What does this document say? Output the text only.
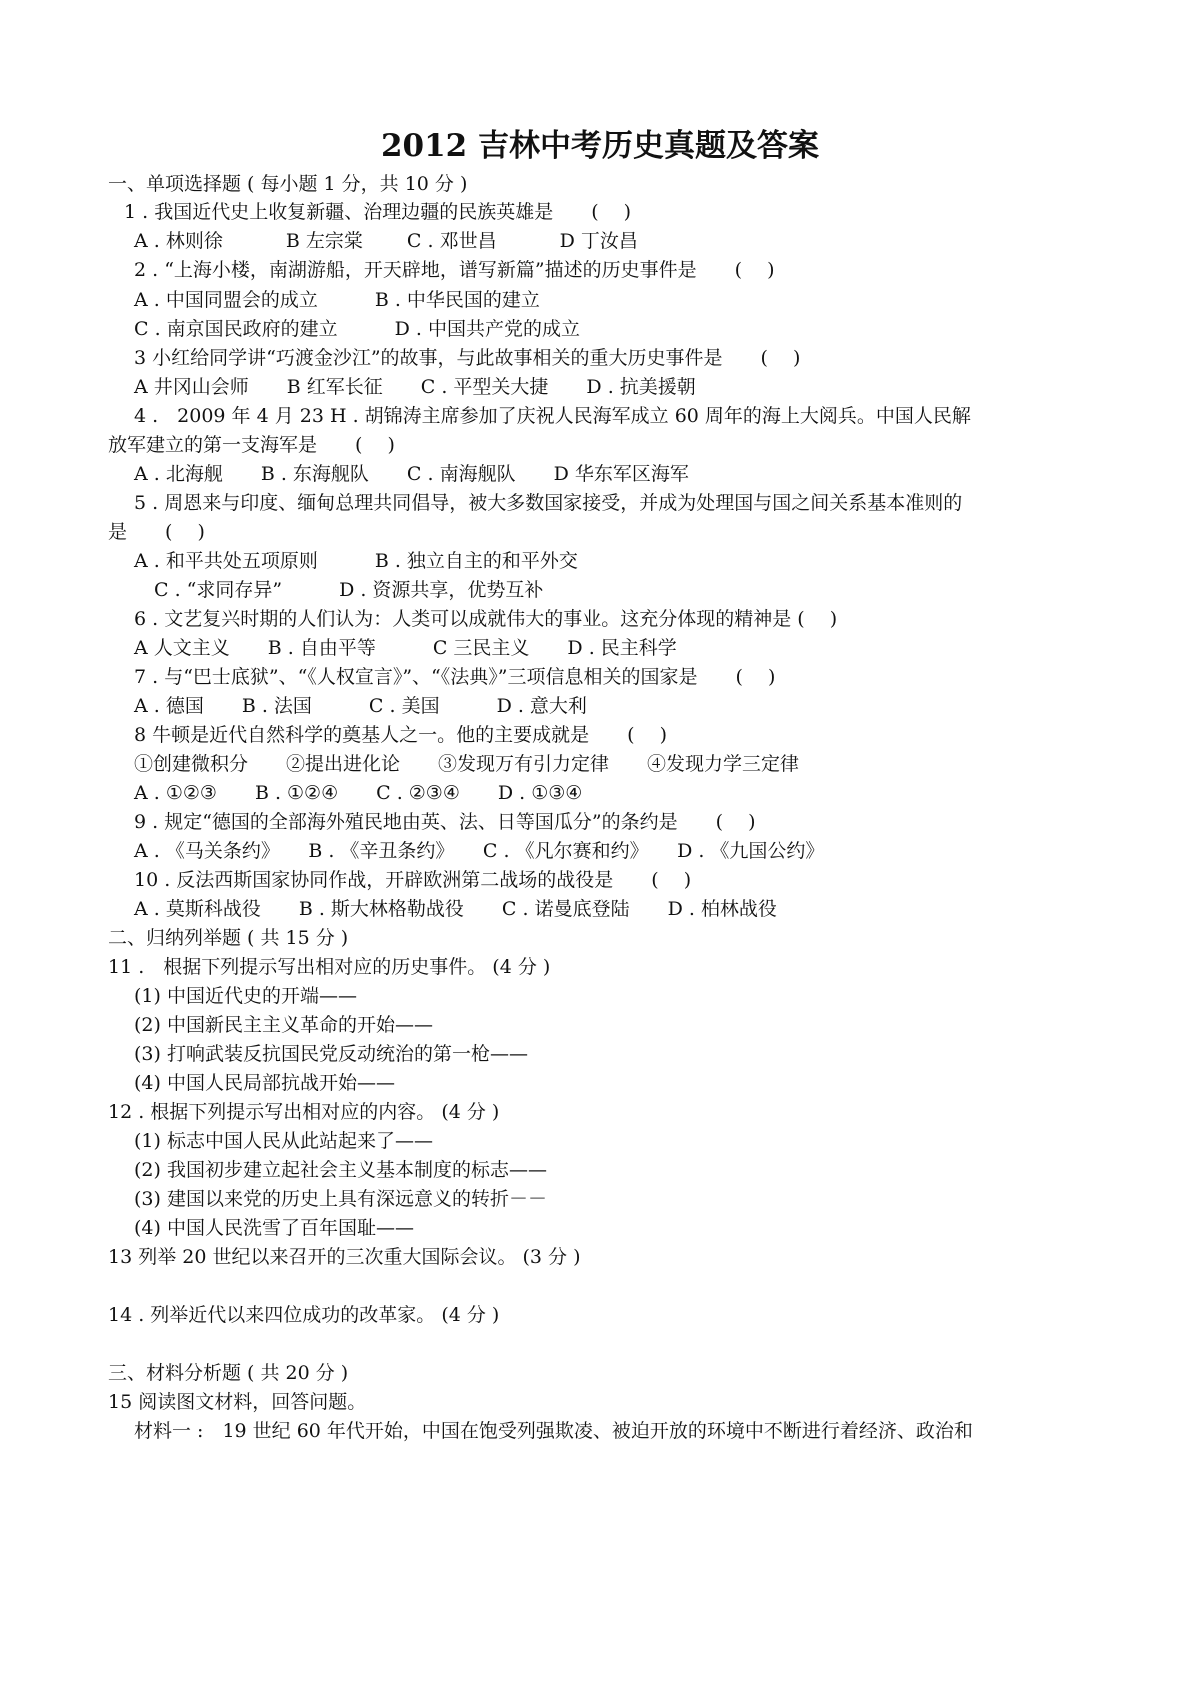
2012 吉林中考历史真题及答案
一、单项选择题 ( 每小题 1 分，共 10 分 )
1 . 我国近代史上收复新疆、治理边疆的民族英雄是　　(　 )
A . 林则徐　　　 B 左宗棠　　 C . 邓世昌　　　 D 丁汝昌
2 . “上海小楼，南湖游船，开天辟地，谱写新篇”描述的历史事件是　　(　 )
A . 中国同盟会的成立　　　B . 中华民国的建立
C . 南京国民政府的建立　　　D . 中国共产党的成立
3 小红给同学讲“巧渡金沙江”的故事，与此故事相关的重大历史事件是　　(　 )
A 井冈山会师　　B 红军长征　　C . 平型关大捷　　D . 抗美援朝
4 .　2009 年 4 月 23 H . 胡锦涛主席参加了庆祝人民海军成立 60 周年的海上大阅兵。中国人民解
放军建立的第一支海军是　　(　 )
A . 北海舰　　B . 东海舰队　　C . 南海舰队　　D 华东军区海军
5 . 周恩来与印度、缅甸总理共同倡导，被大多数国家接受，并成为处理国与国之间关系基本准则的
是　　(　 )
A . 和平共处五项原则　　　B . 独立自主的和平外交
C . “求同存异”　　　D . 资源共享，优势互补
6 . 文艺复兴时期的人们认为：人类可以成就伟大的事业。这充分体现的精神是 (　 )
A 人文主义　　B . 自由平等　　　C 三民主义　　D . 民主科学
7 . 与“巴士底狱”、“《人权宣言》”、“《法典》”三项信息相关的国家是　　(　 )
A . 德国　　B . 法国　　　C . 美国　　　D . 意大利
8 牛顿是近代自然科学的奠基人之一。他的主要成就是　　(　 )
①创建微积分　　②提出进化论　　③发现万有引力定律　　④发现力学三定律
A . ①②③　　B . ①②④　　C . ②③④　　D . ①③④
9 . 规定“德国的全部海外殖民地由英、法、日等国瓜分”的条约是　　(　 )
A . 《马关条约》　　B . 《辛丑条约》　　C . 《凡尔赛和约》　　D . 《九国公约》
10 . 反法西斯国家协同作战，开辟欧洲第二战场的战役是　　(　 )
A . 莫斯科战役　　B . 斯大林格勒战役　　C . 诺曼底登陆　　D . 柏林战役
二、归纳列举题 ( 共 15 分 )
11 .　根据下列提示写出相对应的历史事件。 (4 分 )
(1) 中国近代史的开端——
(2) 中国新民主主义革命的开始——
(3) 打响武装反抗国民党反动统治的第一枪——
(4) 中国人民局部抗战开始——
12 . 根据下列提示写出相对应的内容。 (4 分 )
(1) 标志中国人民从此站起来了——
(2) 我国初步建立起社会主义基本制度的标志——
(3) 建国以来党的历史上具有深远意义的转折－－
(4) 中国人民洗雪了百年国耻——
13 列举 20 世纪以来召开的三次重大国际会议。 (3 分 )
14 . 列举近代以来四位成功的改革家。 (4 分 )
三、材料分析题 ( 共 20 分 )
15 阅读图文材料，回答问题。
材料一 :　19 世纪 60 年代开始，中国在饱受列强欺凌、被迫开放的环境中不断进行着经济、政治和
